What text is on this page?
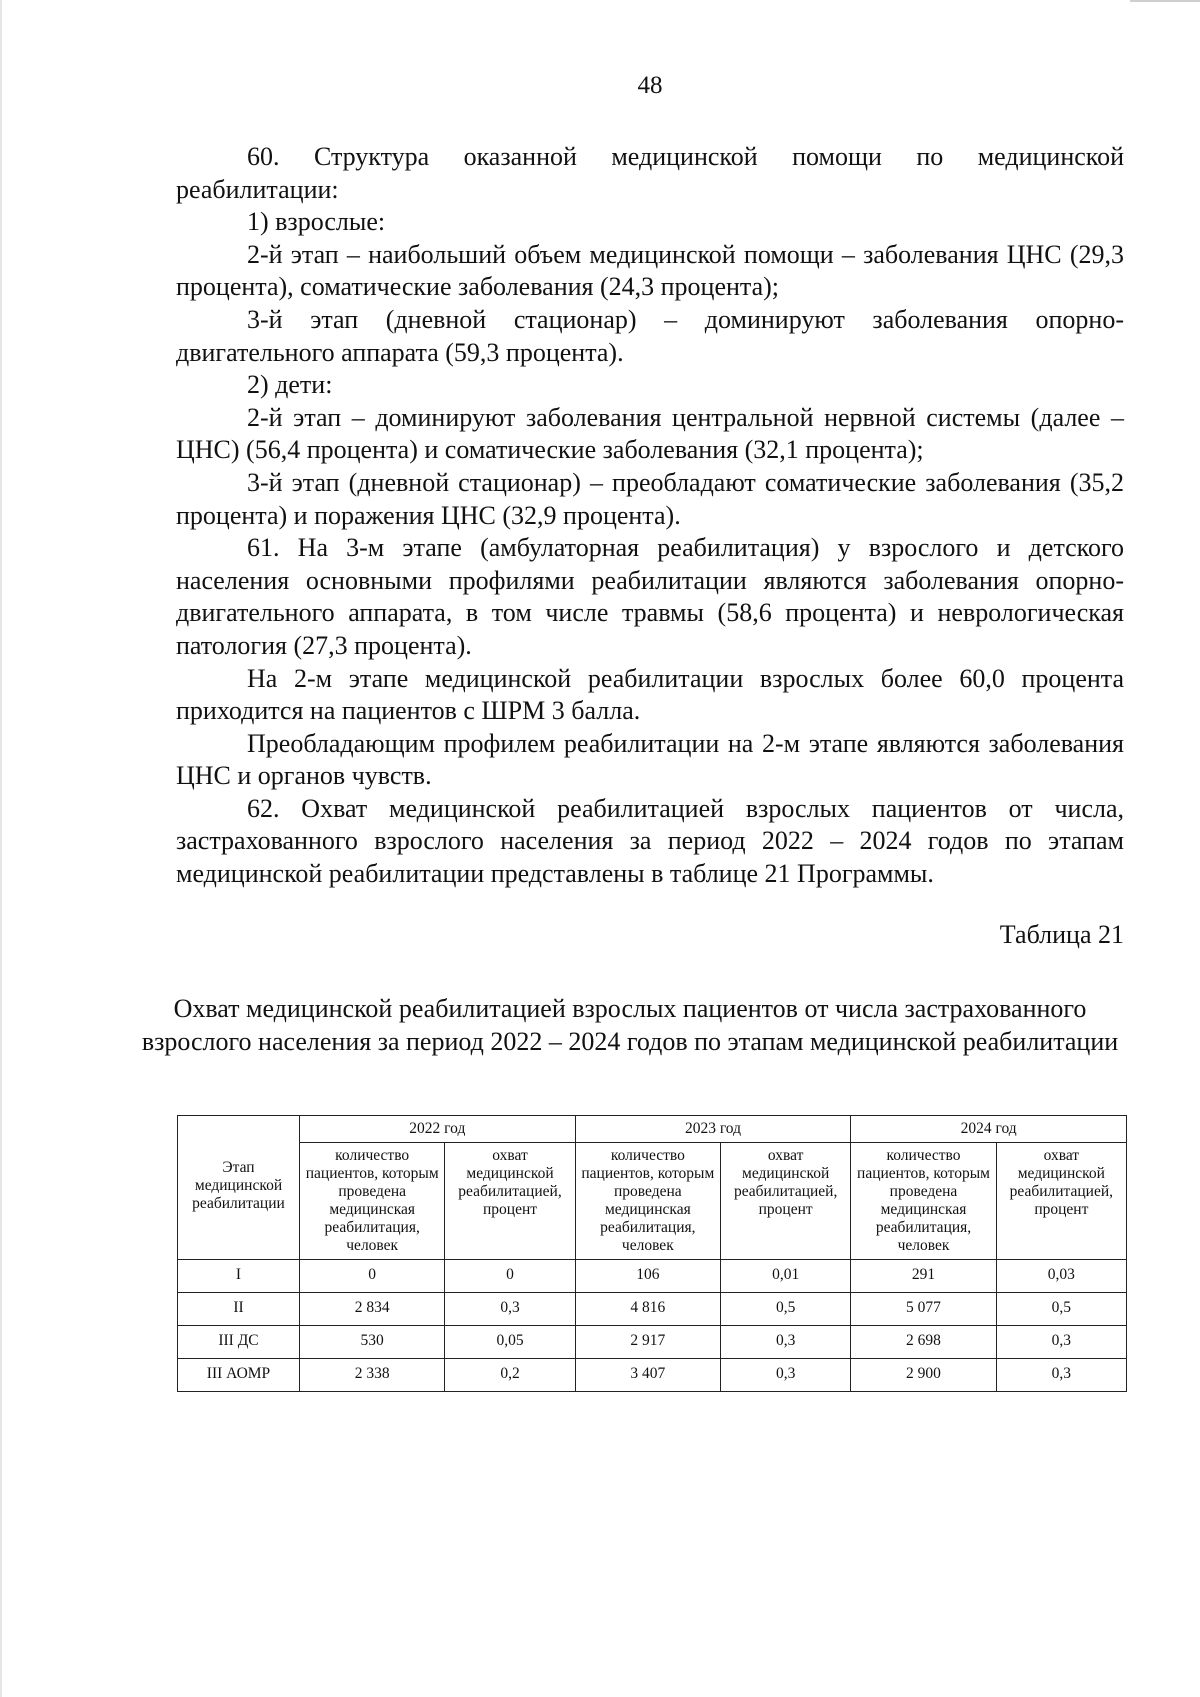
48

60. Структура оказанной медицинской помощи по медицинской реабилитации:

1) взрослые:

2-й этап – наибольший объем медицинской помощи – заболевания ЦНС (29,3 процента), соматические заболевания (24,3 процента);

3-й этап (дневной стационар) – доминируют заболевания опорно-двигательного аппарата (59,3 процента).

2) дети:

2-й этап – доминируют заболевания центральной нервной системы (далее – ЦНС) (56,4 процента) и соматические заболевания (32,1 процента);

3-й этап (дневной стационар) – преобладают соматические заболевания (35,2 процента) и поражения ЦНС (32,9 процента).

61. На 3-м этапе (амбулаторная реабилитация) у взрослого и детского населения основными профилями реабилитации являются заболевания опорно-двигательного аппарата, в том числе травмы (58,6 процента) и неврологическая патология (27,3 процента).

На 2-м этапе медицинской реабилитации взрослых более 60,0 процента приходится на пациентов с ШРМ 3 балла.

Преобладающим профилем реабилитации на 2-м этапе являются заболевания ЦНС и органов чувств.

62. Охват медицинской реабилитацией взрослых пациентов от числа, застрахованного взрослого населения за период 2022 – 2024 годов по этапам медицинской реабилитации представлены в таблице 21 Программы.

Таблица 21
Охват медицинской реабилитацией взрослых пациентов от числа застрахованного взрослого населения за период 2022 – 2024 годов по этапам медицинской реабилитации
Этап медицинской реабилитации	2022 год		2023 год		2024 год	
	количество пациентов, которым проведена медицинская реабилитация, человек	охват медицинской реабилитацией, процент	количество пациентов, которым проведена медицинская реабилитация, человек	охват медицинской реабилитацией, процент	количество пациентов, которым проведена медицинская реабилитация, человек	охват медицинской реабилитацией, процент
I	0	0	106	0,01	291	0,03
II	2 834	0,3	4 816	0,5	5 077	0,5
III ДС	530	0,05	2 917	0,3	2 698	0,3
III АОМР	2 338	0,2	3 407	0,3	2 900	0,3
